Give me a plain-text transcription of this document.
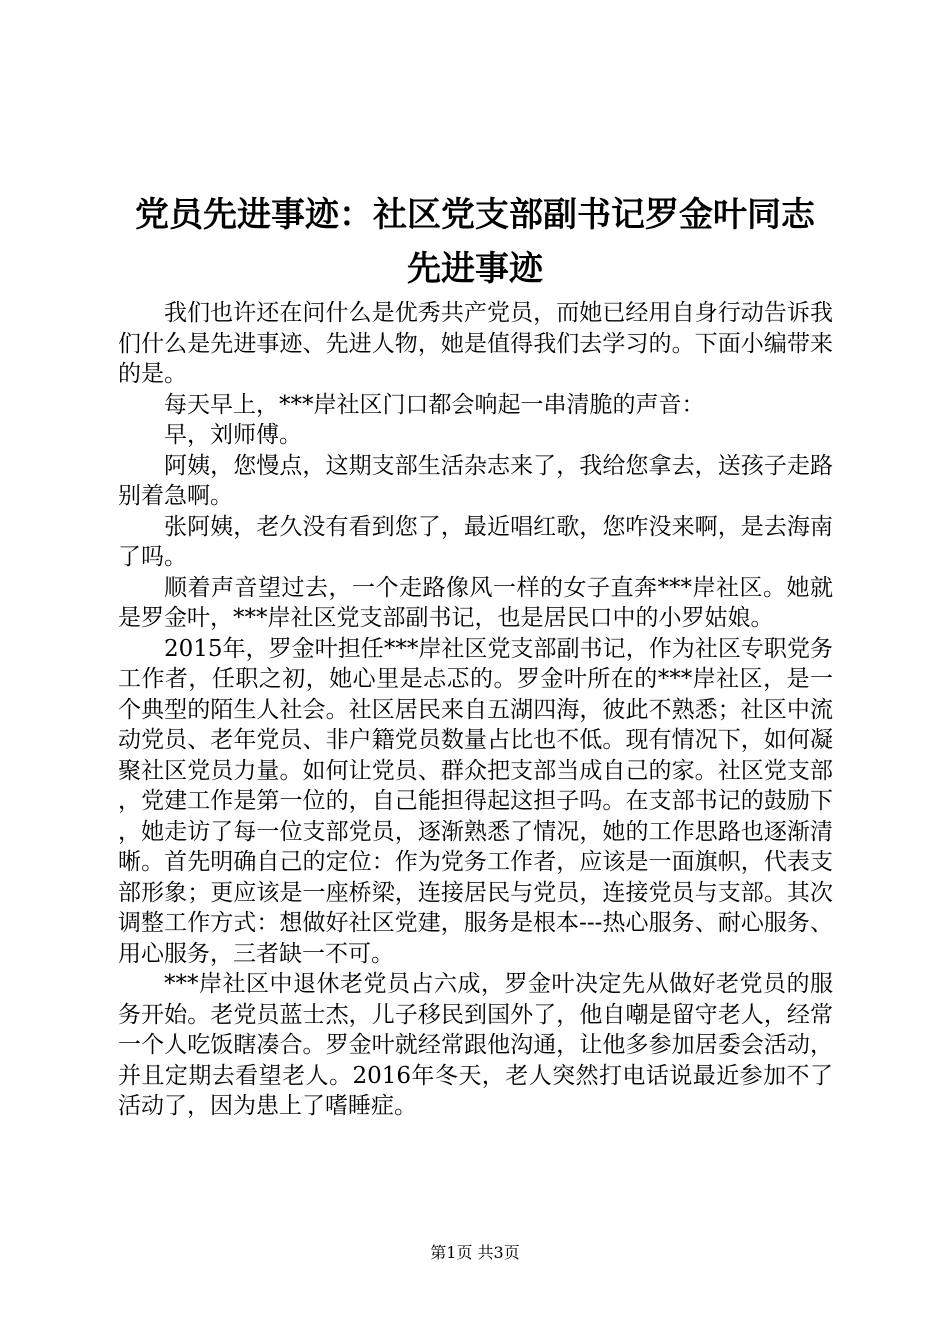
党员先进事迹：社区党支部副书记罗金叶同志
先进事迹

我们也许还在问什么是优秀共产党员，而她已经用自身行动告诉我们什么是先进事迹、先进人物，她是值得我们去学习的。下面小编带来的是。

每天早上，***岸社区门口都会响起一串清脆的声音：

早，刘师傅。

阿姨，您慢点，这期支部生活杂志来了，我给您拿去，送孩子走路别着急啊。

张阿姨，老久没有看到您了，最近唱红歌，您咋没来啊，是去海南了吗。

顺着声音望过去，一个走路像风一样的女子直奔***岸社区。她就是罗金叶，***岸社区党支部副书记，也是居民口中的小罗姑娘。

2015年，罗金叶担任***岸社区党支部副书记，作为社区专职党务工作者，任职之初，她心里是忐忑的。罗金叶所在的***岸社区，是一个典型的陌生人社会。社区居民来自五湖四海，彼此不熟悉；社区中流动党员、老年党员、非户籍党员数量占比也不低。现有情况下，如何凝聚社区党员力量。如何让党员、群众把支部当成自己的家。社区党支部，党建工作是第一位的，自己能担得起这担子吗。在支部书记的鼓励下，她走访了每一位支部党员，逐渐熟悉了情况，她的工作思路也逐渐清晰。首先明确自己的定位：作为党务工作者，应该是一面旗帜，代表支部形象；更应该是一座桥梁，连接居民与党员，连接党员与支部。其次调整工作方式：想做好社区党建，服务是根本---热心服务、耐心服务、用心服务，三者缺一不可。

***岸社区中退休老党员占六成，罗金叶决定先从做好老党员的服务开始。老党员蓝士杰，儿子移民到国外了，他自嘲是留守老人，经常一个人吃饭瞎凑合。罗金叶就经常跟他沟通，让他多参加居委会活动，并且定期去看望老人。2016年冬天，老人突然打电话说最近参加不了活动了，因为患上了嗜睡症。

第1页 共3页
